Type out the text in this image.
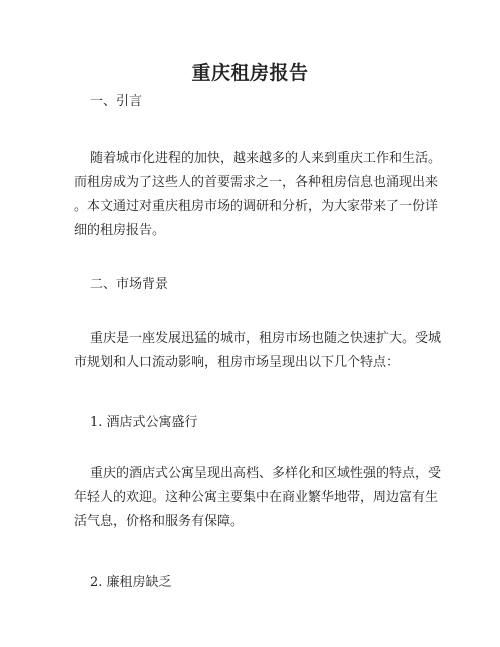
重庆租房报告
一、引言
随着城市化进程的加快，越来越多的人来到重庆工作和生活。
而租房成为了这些人的首要需求之一，各种租房信息也涌现出来
。本文通过对重庆租房市场的调研和分析，为大家带来了一份详
细的租房报告。
二、市场背景
重庆是一座发展迅猛的城市，租房市场也随之快速扩大。受城
市规划和人口流动影响，租房市场呈现出以下几个特点：
1. 酒店式公寓盛行
重庆的酒店式公寓呈现出高档、多样化和区域性强的特点，受
年轻人的欢迎。这种公寓主要集中在商业繁华地带，周边富有生
活气息，价格和服务有保障。
2. 廉租房缺乏
